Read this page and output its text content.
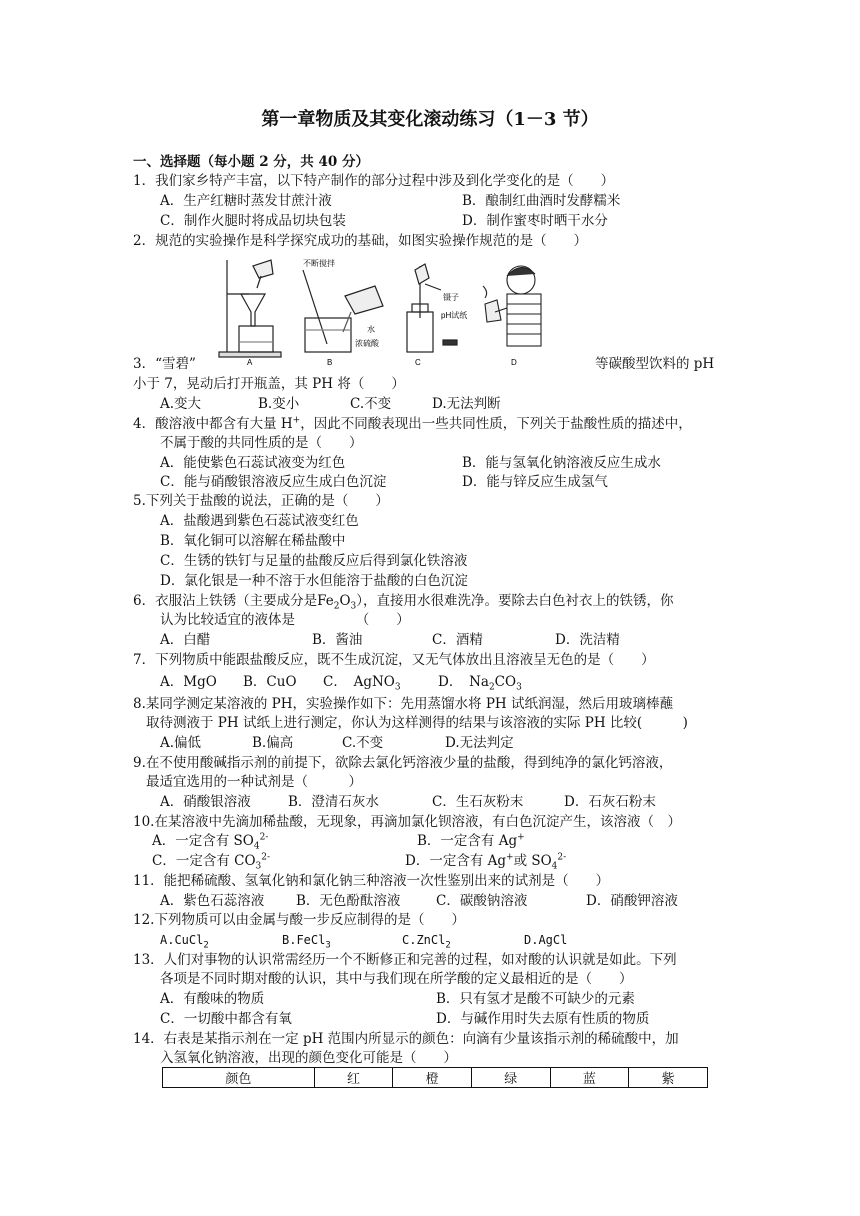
第一章物质及其变化滚动练习（1－3 节）
一、选择题（每小题 2 分，共 40 分）
1．我们家乡特产丰富，以下特产制作的部分过程中涉及到化学变化的是（　　）
A．生产红糖时蒸发甘蔗汁液	B．酿制红曲酒时发酵糯米
C．制作火腿时将成品切块包装	D．制作蜜枣时晒干水分
2．规范的实验操作是科学探究成功的基础，如图实验操作规范的是（　　）
A
不断搅拌
水
浓硫酸
B
镊子
pH试纸
C	D
3．“雪碧”	等碳酸型饮料的 pH
小于 7，晃动后打开瓶盖，其 PH 将（　　）
A.变大	B.变小	C.不变	D.无法判断
4．酸溶液中都含有大量 H+，因此不同酸表现出一些共同性质，下列关于盐酸性质的描述中，
不属于酸的共同性质的是（　　）
A．能使紫色石蕊试液变为红色	B．能与氢氧化钠溶液反应生成水
C．能与硝酸银溶液反应生成白色沉淀	D．能与锌反应生成氢气
5.下列关于盐酸的说法，正确的是（　　）
A．盐酸遇到紫色石蕊试液变红色
B．氧化铜可以溶解在稀盐酸中
C．生锈的铁钉与足量的盐酸反应后得到氯化铁溶液
D．氯化银是一种不溶于水但能溶于盐酸的白色沉淀
6．衣服沾上铁锈（主要成分是$Fe_2O_3$），直接用水很难洗净。要除去白色衬衣上的铁锈，你
认为比较适宜的液体是　　　　　（　　）
A．白醋	B．酱油	C．酒精	D．洗洁精
7．下列物质中能跟盐酸反应，既不生成沉淀，又无气体放出且溶液呈无色的是（　　）
A．MgO B．CuO C．　AgNO$_3$	D．　$Na_2CO_3$
8.某同学测定某溶液的 PH，实验操作如下：先用蒸馏水将 PH 试纸润湿，然后用玻璃棒蘸
取待测液于 PH 试纸上进行测定，你认为这样测得的结果与该溶液的实际 PH 比较(　　　)
A.偏低	B.偏高	C.不变	D.无法判定
9.在不使用酸碱指示剂的前提下，欲除去氯化钙溶液少量的盐酸，得到纯净的氯化钙溶液，
最适宜选用的一种试剂是（　　　）
A．硝酸银溶液	B．澄清石灰水	C．生石灰粉末	D．石灰石粉末
10.在某溶液中先滴加稀盐酸，无现象，再滴加氯化钡溶液，有白色沉淀产生，该溶液（　）
A．一定含有 $SO_4^{2-}$	B．一定含有 Ag+
C．一定含有 $CO_3^{2-}$	D．一定含有 Ag+或 $SO_4^{2-}$
11．能把稀硫酸、氢氧化钠和氯化钠三种溶液一次性鉴别出来的试剂是（　　）
A．紫色石蕊溶液 B．无色酚酞溶液	C．碳酸钠溶液	D．硝酸钾溶液
12.下列物质可以由金属与酸一步反应制得的是（　　）
A.CuCl$_2$	B.FeCl$_3$	C.ZnCl$_2$	D.AgCl
13．人们对事物的认识常需经历一个不断修正和完善的过程，如对酸的认识就是如此。下列
各项是不同时期对酸的认识，其中与我们现在所学酸的定义最相近的是（　　）
A．有酸味的物质	B．只有氢才是酸不可缺少的元素
C．一切酸中都含有氧	D．与碱作用时失去原有性质的物质
14．右表是某指示剂在一定 pH 范围内所显示的颜色：向滴有少量该指示剂的稀硫酸中，加
入氢氧化钠溶液，出现的颜色变化可能是（　　）
颜色	红	橙	绿	蓝	紫
